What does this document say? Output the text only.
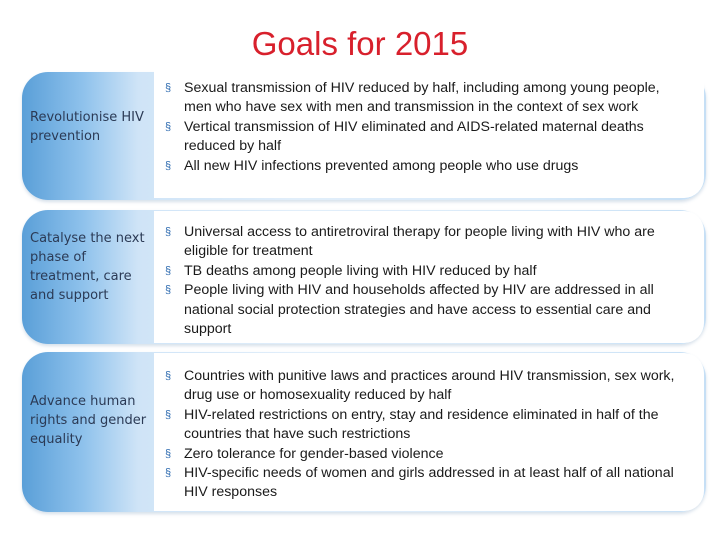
Goals for 2015
Revolutionise HIV prevention
§ Sexual transmission of HIV reduced by half, including among young people, men who have sex with men and transmission in the context of sex work
§ Vertical transmission of HIV eliminated and AIDS-related maternal deaths reduced by half
§ All new HIV infections prevented among people who use drugs
Catalyse the next phase of treatment, care and support
§ Universal access to antiretroviral therapy for people living with HIV who are eligible for treatment
§ TB deaths among people living with HIV reduced by half
§ People living with HIV and households affected by HIV are addressed in all national social protection strategies and have access to essential care and support
Advance human rights and gender equality
§ Countries with punitive laws and practices around HIV transmission, sex work, drug use or homosexuality reduced by half
§ HIV-related restrictions on entry, stay and residence eliminated in half of the countries that have such restrictions
§ Zero tolerance for gender-based violence
§ HIV-specific needs of women and girls addressed in at least half of all national HIV responses
